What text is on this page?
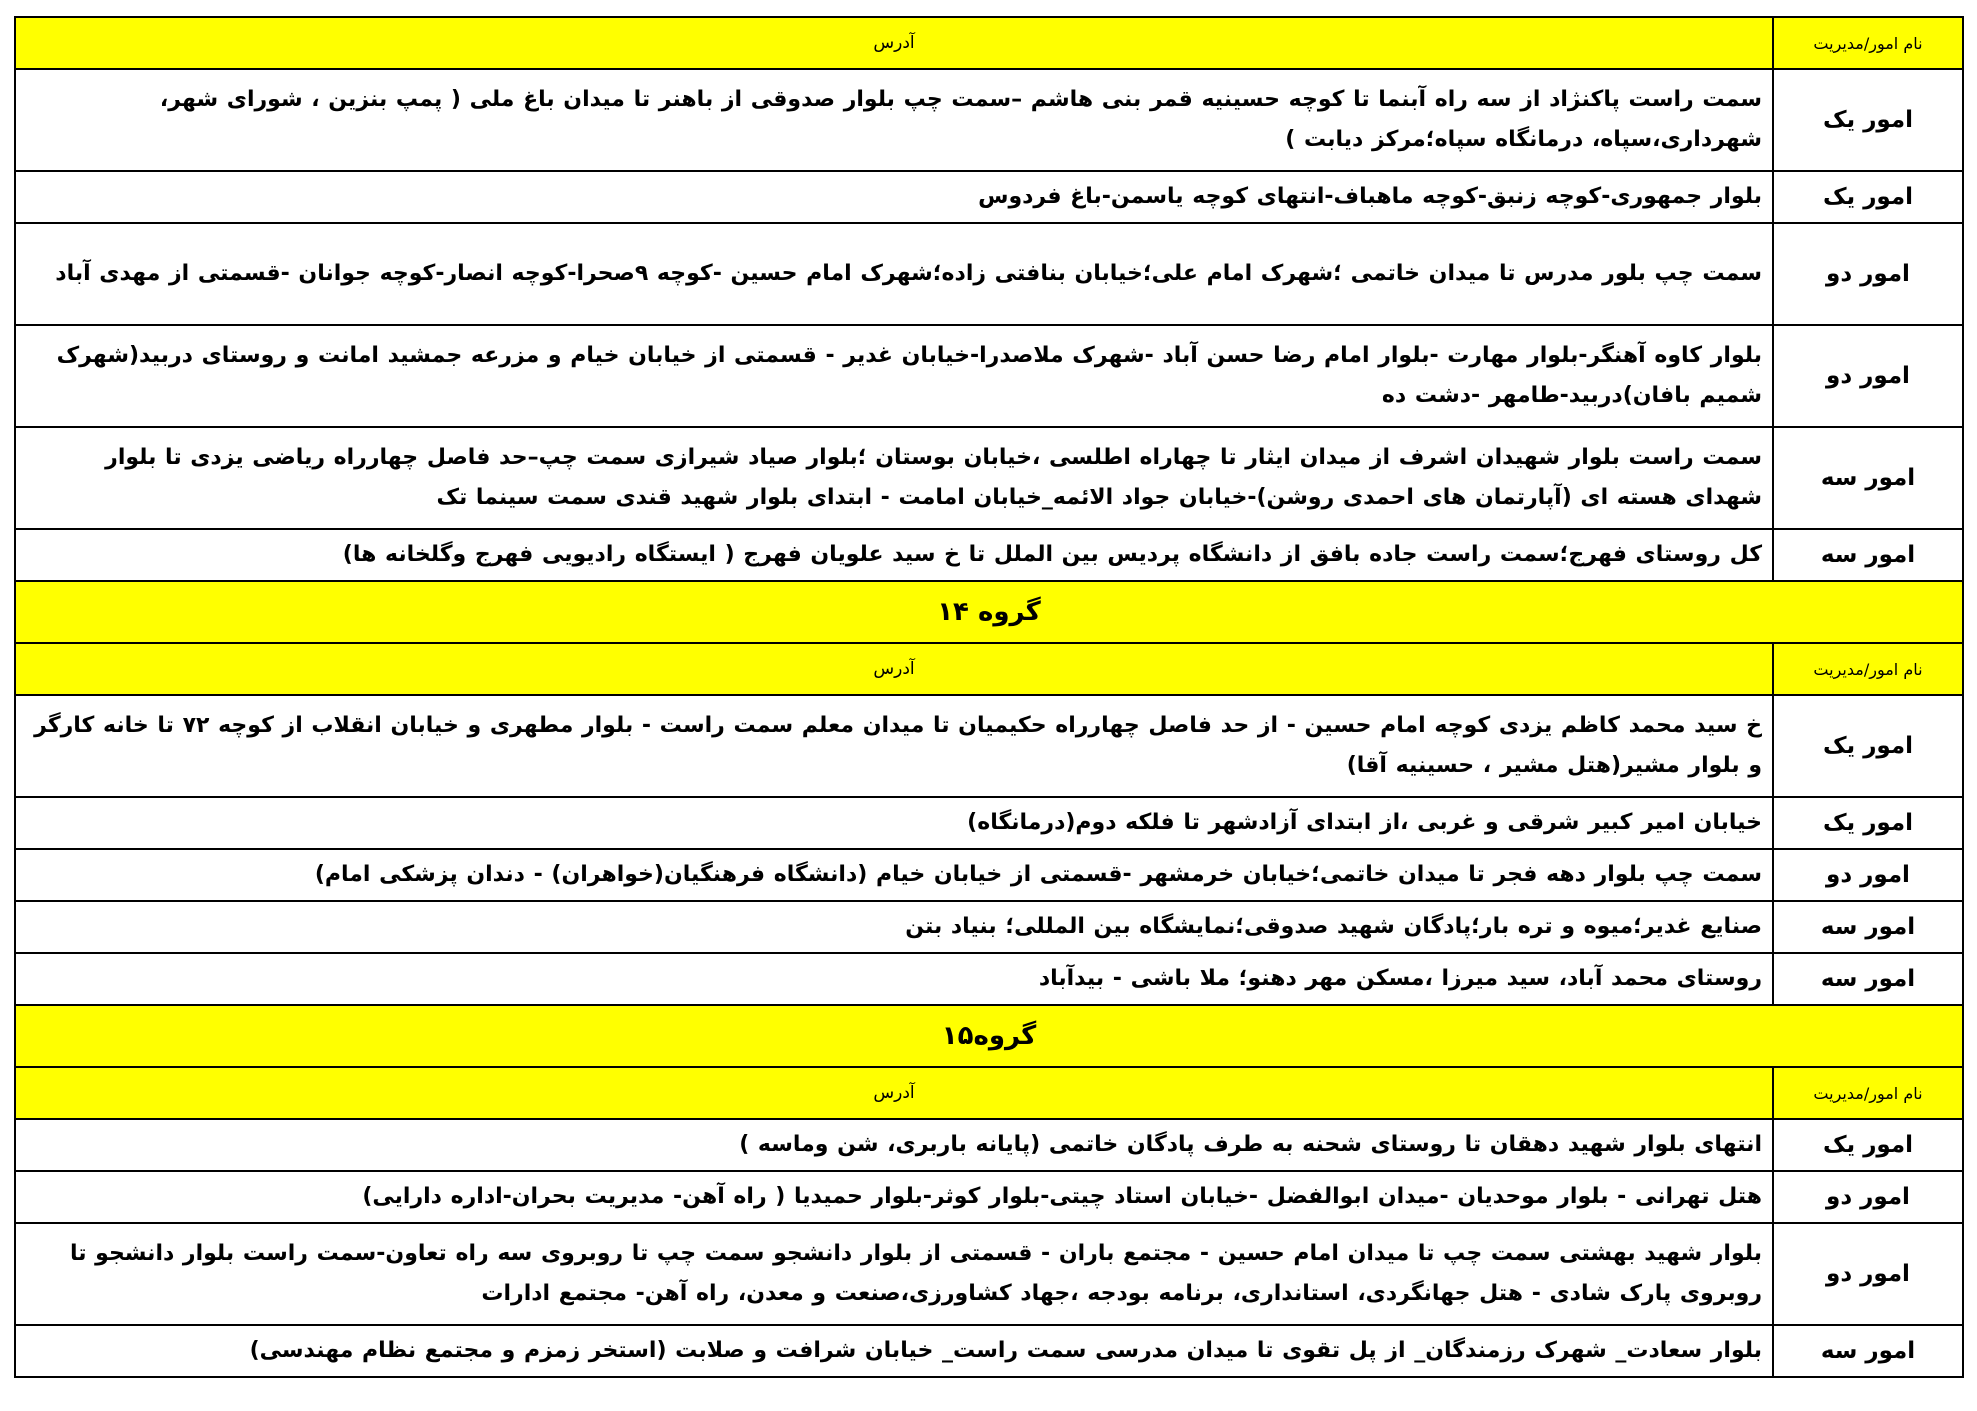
نام امور/مدیریت	آدرس
امور یک	سمت راست پاکنژاد از سه راه آبنما تا کوچه حسینیه قمر بنی هاشم –سمت چپ بلوار صدوقی از باهنر تا میدان باغ ملی ( پمپ بنزین ، شورای شهر، شهرداری،سپاه، درمانگاه سپاه؛مرکز دیابت )
امور یک	بلوار جمهوری-کوچه زنبق-کوچه ماهباف-انتهای کوچه یاسمن-باغ فردوس
امور دو	سمت چپ بلور مدرس تا میدان خاتمی ؛شهرک امام علی؛خیابان بنافتی زاده؛شهرک امام حسین -کوچه ۹صحرا-کوچه انصار-کوچه جوانان -قسمتی از مهدی آباد
امور دو	بلوار کاوه آهنگر-بلوار مهارت -بلوار امام رضا حسن آباد -شهرک ملاصدرا-خیابان غدیر - قسمتی از خیابان خیام و مزرعه جمشید امانت و روستای دربید(شهرک شمیم بافان)دربید-طامهر -دشت ده
امور سه	سمت راست بلوار شهیدان اشرف از میدان ایثار تا چهاراه اطلسی ،خیابان بوستان ؛بلوار صیاد شیرازی سمت چپ–حد فاصل چهارراه ریاضی یزدی تا بلوار شهدای هسته ای (آپارتمان های احمدی روشن)-خیابان جواد الائمه_خیابان امامت - ابتدای بلوار شهید قندی سمت سینما تک
امور سه	کل روستای فهرج؛سمت راست جاده بافق از دانشگاه پردیس بین الملل تا خ سید علویان فهرج ( ایستگاه رادیویی فهرج وگلخانه ها)
گروه ۱۴	
نام امور/مدیریت	آدرس
امور یک	خ سید محمد کاظم یزدی کوچه امام حسین - از حد فاصل چهارراه حکیمیان تا میدان معلم سمت راست - بلوار مطهری و خیابان انقلاب از کوچه ۷۲ تا خانه کارگر و بلوار مشیر(هتل مشیر ، حسینیه آقا)
امور یک	خیابان امیر کبیر شرقی و غربی ،از ابتدای آزادشهر تا فلکه دوم(درمانگاه)
امور دو	سمت چپ بلوار دهه فجر تا میدان خاتمی؛خیابان خرمشهر -قسمتی از خیابان خیام (دانشگاه فرهنگیان(خواهران) - دندان پزشکی امام)
امور سه	صنایع غدیر؛میوه و تره بار؛پادگان شهید صدوقی؛نمایشگاه بین المللی؛ بنیاد بتن
امور سه	روستای محمد آباد، سید میرزا ،مسکن مهر دهنو؛ ملا باشی - بیدآباد
گروه۱۵	
نام امور/مدیریت	آدرس
امور یک	انتهای بلوار شهید دهقان تا روستای شحنه به طرف پادگان خاتمی (پایانه باربری، شن وماسه )
امور دو	هتل تهرانی - بلوار موحدیان -میدان ابوالفضل -خیابان استاد چیتی-بلوار کوثر-بلوار حمیدیا ( راه آهن- مدیریت بحران-اداره دارایی)
امور دو	بلوار شهید بهشتی سمت چپ تا میدان امام حسین - مجتمع باران - قسمتی از بلوار دانشجو سمت چپ تا روبروی سه راه تعاون-سمت راست بلوار دانشجو تا روبروی پارک شادی - هتل جهانگردی، استانداری، برنامه بودجه ،جهاد کشاورزی،صنعت و معدن، راه آهن- مجتمع ادارات
امور سه	بلوار سعادت_ شهرک رزمندگان_ از پل تقوی تا میدان مدرسی سمت راست_ خیابان شرافت و صلابت (استخر زمزم و مجتمع نظام مهندسی)
